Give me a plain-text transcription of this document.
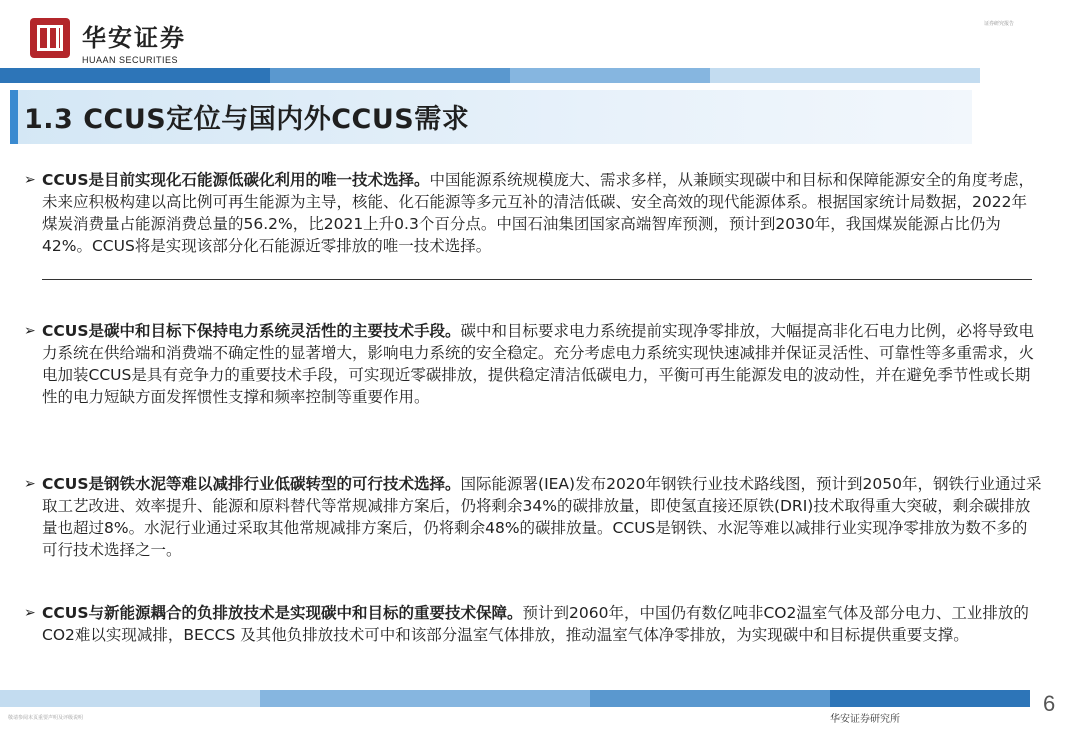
华安证券
HUAAN SECURITIES
证券研究报告
1.3 CCUS定位与国内外CCUS需求
➢ CCUS是目前实现化石能源低碳化利用的唯一技术选择。中国能源系统规模庞大、需求多样，从兼顾实现碳中和目标和保障能源安全的角度考虑，未来应积极构建以高比例可再生能源为主导，核能、化石能源等多元互补的清洁低碳、安全高效的现代能源体系。根据国家统计局数据，2022年煤炭消费量占能源消费总量的56.2%，比2021上升0.3个百分点。中国石油集团国家高端智库预测，预计到2030年，我国煤炭能源占比仍为42%。CCUS将是实现该部分化石能源近零排放的唯一技术选择。
➢ CCUS是碳中和目标下保持电力系统灵活性的主要技术手段。碳中和目标要求电力系统提前实现净零排放，大幅提高非化石电力比例，必将导致电力系统在供给端和消费端不确定性的显著增大，影响电力系统的安全稳定。充分考虑电力系统实现快速减排并保证灵活性、可靠性等多重需求，火电加装CCUS是具有竞争力的重要技术手段，可实现近零碳排放，提供稳定清洁低碳电力，平衡可再生能源发电的波动性，并在避免季节性或长期性的电力短缺方面发挥惯性支撑和频率控制等重要作用。
➢ CCUS是钢铁水泥等难以减排行业低碳转型的可行技术选择。国际能源署(IEA)发布2020年钢铁行业技术路线图，预计到2050年，钢铁行业通过采取工艺改进、效率提升、能源和原料替代等常规减排方案后，仍将剩余34%的碳排放量，即使氢直接还原铁(DRI)技术取得重大突破，剩余碳排放量也超过8%。水泥行业通过采取其他常规减排方案后，仍将剩余48%的碳排放量。CCUS是钢铁、水泥等难以减排行业实现净零排放为数不多的可行技术选择之一。
➢ CCUS与新能源耦合的负排放技术是实现碳中和目标的重要技术保障。预计到2060年，中国仍有数亿吨非CO2温室气体及部分电力、工业排放的CO2难以实现减排，BECCS 及其他负排放技术可中和该部分温室气体排放，推动温室气体净零排放，为实现碳中和目标提供重要支撑。
敬请参阅末页重要声明及评级说明	华安证券研究所
6
